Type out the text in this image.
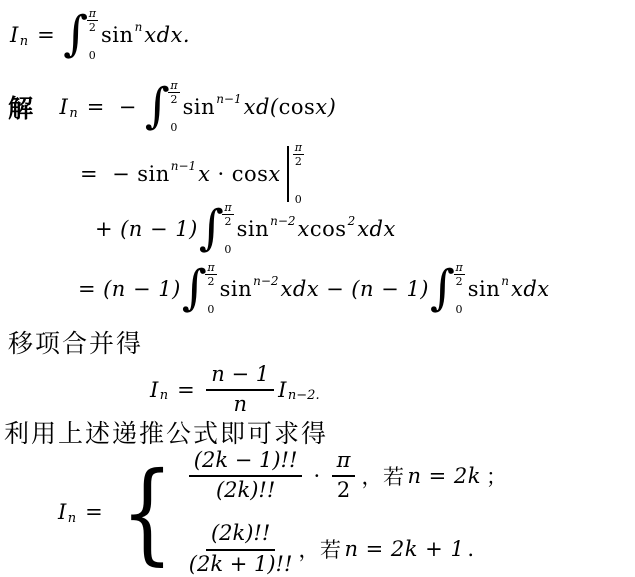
I n = ∫
$\frac{\pi}{2}$
0
sin n xdx.
解 I n = − ∫
$\frac{\pi}{2}$
0
sin n−1 xd( cos x)
= − sin n−1 x · cos x
$\frac{\pi}{2}$
0
+ (n − 1) ∫
$\frac{\pi}{2}$
0
sin n−2 x cos 2 xdx
= (n − 1) ∫
$\frac{\pi}{2}$
0
sin n−2 xdx − (n − 1) ∫
$\frac{\pi}{2}$
0
sin n xdx
移项合并得
I $n = \frac{n - 1}{n}$ I n−2.
利用上述递推公式即可求得
I n = { $\frac{(2k - 1)!!}{(2k)!!} \cdot \frac{\pi}{2}$ ，若 n = 2k ；
$\frac{(2k)!!}{(2k + 1)!!}$ ，若 n = 2k + 1 .
